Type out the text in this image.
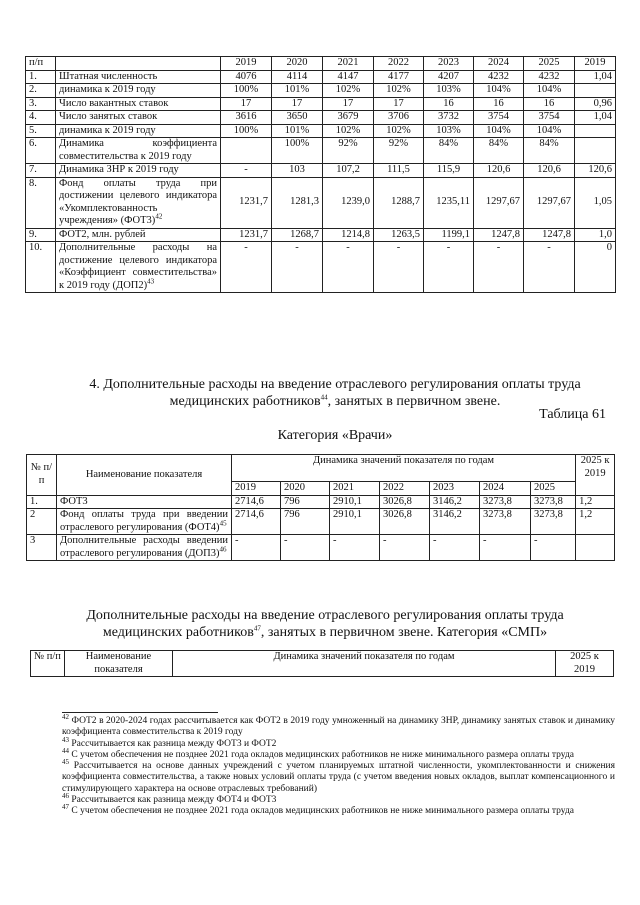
п/п		2019	2020	2021	2022	2023	2024	2025	2019
1.	Штатная численность	4076	4114	4147	4177	4207	4232	4232	1,04
2.	динамика к 2019 году	100%	101%	102%	102%	103%	104%	104%	
3.	Число вакантных ставок	17	17	17	17	16	16	16	0,96
4.	Число занятых ставок	3616	3650	3679	3706	3732	3754	3754	1,04
5.	динамика к 2019 году	100%	101%	102%	102%	103%	104%	104%	
6.	Динамика коэффициента совместительства к 2019 году		100%	92%	92%	84%	84%	84%	
7.	Динамика ЗНР к 2019 году	-	103	107,2	111,5	115,9	120,6	120,6	120,6
8.	Фонд оплаты труда при достижении целевого индикатора «Укомплектованность учреждения» $(ФОТ3)^{42}$	1231,7	1281,3	1239,0	1288,7	1235,11	1297,67	1297,67	1,05
9.	ФОТ2, млн. рублей	1231,7	1268,7	1214,8	1263,5	1199,1	1247,8	1247,8	1,0
10.	Дополнительные расходы на достижение целевого индикатора «Коэффициент совместительства» к 2019 году $(ДОП2)^{43}$	-	-	-	-	-	-	-	0
4. Дополнительные расходы на введение отраслевого регулирования оплаты труда
медицинских работников$^{44}$, занятых в первичном звене.
Таблица 61
Категория «Врачи»
№ п/п	Наименование показателя	Динамика значений показателя по годам							2025 к 2019
		2019	2020	2021	2022	2023	2024	2025	
1.	ФОТ3	2714,6	796	2910,1	3026,8	3146,2	3273,8	3273,8	1,2
2	Фонд оплаты труда при введении отраслевого регулирования $(ФОТ4)^{45}$	2714,6	796	2910,1	3026,8	3146,2	3273,8	3273,8	1,2
3	Дополнительные расходы введении отраслевого регулирования $(ДОП3)^{46}$	-	-	-	-	-	-	-	
Дополнительные расходы на введение отраслевого регулирования оплаты труда
медицинских работников$^{47}$, занятых в первичном звене. Категория «СМП»
№ п/п	Наименование показателя	Динамика значений показателя по годам	2025 к 2019
$^{42}$ ФОТ2 в 2020-2024 годах рассчитывается как ФОТ2 в 2019 году умноженный на динамику ЗНР, динамику занятых ставок и динамику коэффициента совместительства к 2019 году
$^{43}$ Рассчитывается как разница между ФОТ3 и ФОТ2
$^{44}$ С учетом обеспечения не позднее 2021 года окладов медицинских работников не ниже минимального размера оплаты труда
$^{45}$ Рассчитывается на основе данных учреждений с учетом планируемых штатной численности, укомплектованности и снижения коэффициента совместительства, а также новых условий оплаты труда (с учетом введения новых окладов, выплат компенсационного и стимулирующего характера на основе отраслевых требований)
$^{46}$ Рассчитывается как разница между ФОТ4 и ФОТ3
$^{47}$ С учетом обеспечения не позднее 2021 года окладов медицинских работников не ниже минимального размера оплаты труда
